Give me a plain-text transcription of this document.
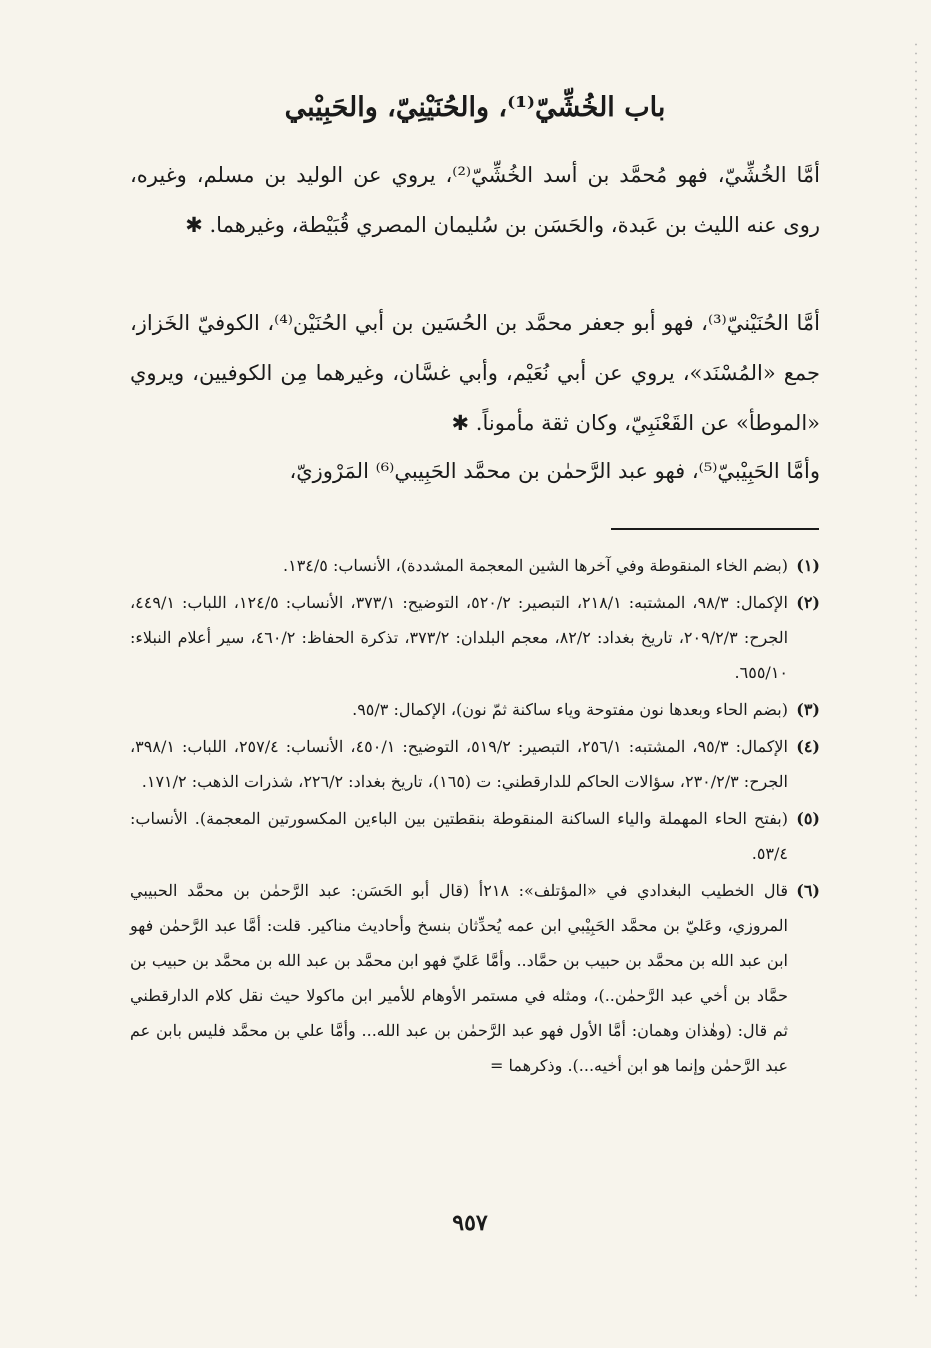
باب الخُشِّيّ⁽¹⁾، والحُنَيْنِيّ، والحَبِيْبي
أمَّا الخُشِّيّ، فهو مُحمَّد بن أسد الخُشِّيّ⁽²⁾، يروي عن الوليد بن مسلم، وغيره، روى عنه الليث بن عَبدة، والحَسَن بن سُليمان المصري قُبَيْطة، وغيرهما. ✱
أمَّا الحُنَيْنيّ⁽³⁾، فهو أبو جعفر محمَّد بن الحُسَين بن أبي الحُنَيْن⁽⁴⁾، الكوفيّ الخَزاز، جمع «المُسْنَد»، يروي عن أبي نُعَيْم، وأبي غسَّان، وغيرهما مِن الكوفيين، ويروي «الموطأ» عن القَعْنَبِيّ، وكان ثقة مأموناً. ✱
وأمَّا الحَبِيْبيّ⁽⁵⁾، فهو عبد الرَّحمٰن بن محمَّد الحَبِيبي⁽⁶⁾ المَرْوزيّ،
(١)
(بضم الخاء المنقوطة وفي آخرها الشين المعجمة المشددة)، الأنساب: ١٣٤/٥.
(٢)
الإكمال: ٩٨/٣، المشتبه: ٢١٨/١، التبصير: ٥٢٠/٢، التوضيح: ٣٧٣/١، الأنساب: ١٢٤/٥، اللباب: ٤٤٩/١، الجرح: ٢٠٩/٢/٣، تاريخ بغداد: ٨٢/٢، معجم البلدان: ٣٧٣/٢، تذكرة الحفاظ: ٤٦٠/٢، سير أعلام النبلاء: ٦٥٥/١٠.
(٣)
(بضم الحاء وبعدها نون مفتوحة وياء ساكنة ثمّ نون)، الإكمال: ٩٥/٣.
(٤)
الإكمال: ٩٥/٣، المشتبه: ٢٥٦/١، التبصير: ٥١٩/٢، التوضيح: ٤٥٠/١، الأنساب: ٢٥٧/٤، اللباب: ٣٩٨/١، الجرح: ٢٣٠/٢/٣، سؤالات الحاكم للدارقطني: ت (١٦٥)، تاريخ بغداد: ٢٢٦/٢، شذرات الذهب: ١٧١/٢.
(٥)
(بفتح الحاء المهملة والياء الساكنة المنقوطة بنقطتين بين الباءين المكسورتين المعجمة). الأنساب: ٥٣/٤.
(٦)
قال الخطيب البغدادي في «المؤتلف»: ٢١٨أ (قال أبو الحَسَن: عبد الرَّحمٰن بن محمَّد الحبيبي المروزي، وعَليّ بن محمَّد الحَبِيْبي ابن عمه يُحدِّثان بنسخ وأحاديث مناكير. قلت: أمَّا عبد الرَّحمٰن فهو ابن عبد الله بن محمَّد بن حبيب بن حمَّاد.. وأمَّا عَليّ فهو ابن محمَّد بن عبد الله بن محمَّد بن حبيب بن حمَّاد بن أخي عبد الرَّحمٰن..)، ومثله في مستمر الأوهام للأمير ابن ماكولا حيث نقل كلام الدارقطني ثم قال: (وهٰذان وهمان: أمَّا الأول فهو عبد الرَّحمٰن بن عبد الله... وأمَّا علي بن محمَّد فليس بابن عم عبد الرَّحمٰن وإنما هو ابن أخيه...). وذكرهما =
٩٥٧
